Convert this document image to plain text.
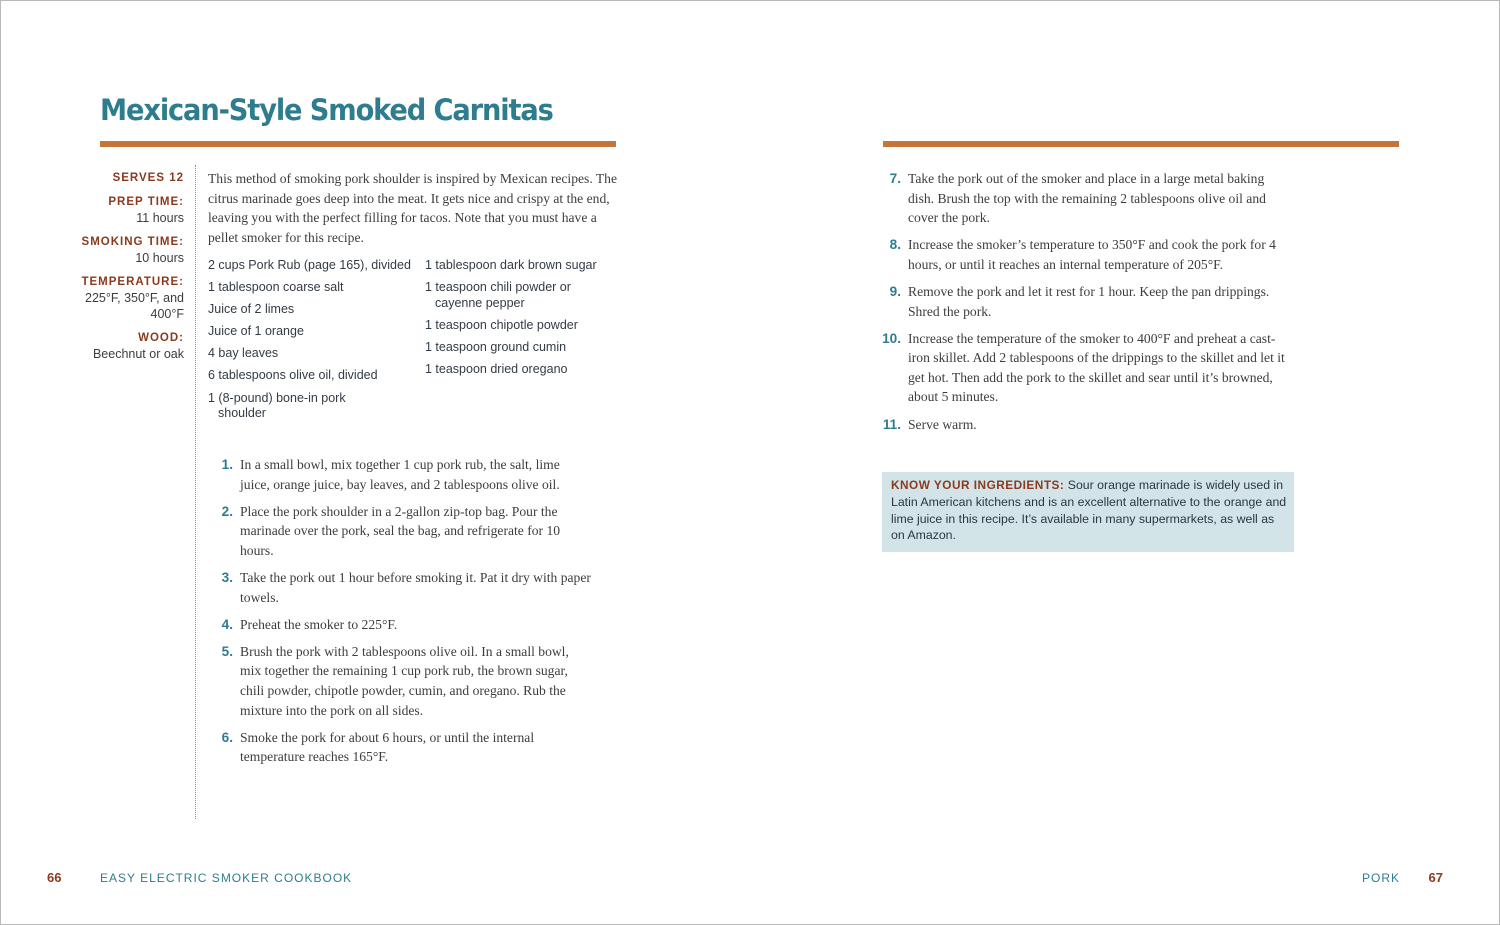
Mexican-Style Smoked Carnitas
SERVES 12
PREP TIME:
11 hours
SMOKING TIME:
10 hours
TEMPERATURE:
225°F, 350°F, and 400°F
WOOD:
Beechnut or oak

This method of smoking pork shoulder is inspired by Mexican recipes. The citrus marinade goes deep into the meat. It gets nice and crispy at the end, leaving you with the perfect filling for tacos. Note that you must have a pellet smoker for this recipe.

2 cups Pork Rub (page 165), divided
1 tablespoon coarse salt
Juice of 2 limes
Juice of 1 orange
4 bay leaves
6 tablespoons olive oil, divided
1 (8-pound) bone-in pork shoulder
1 tablespoon dark brown sugar
1 teaspoon chili powder or cayenne pepper
1 teaspoon chipotle powder
1 teaspoon ground cumin
1 teaspoon dried oregano
1. In a small bowl, mix together 1 cup pork rub, the salt, lime juice, orange juice, bay leaves, and 2 tablespoons olive oil.
2. Place the pork shoulder in a 2-gallon zip-top bag. Pour the marinade over the pork, seal the bag, and refrigerate for 10 hours.
3. Take the pork out 1 hour before smoking it. Pat it dry with paper towels.
4. Preheat the smoker to 225°F.
5. Brush the pork with 2 tablespoons olive oil. In a small bowl, mix together the remaining 1 cup pork rub, the brown sugar, chili powder, chipotle powder, cumin, and oregano. Rub the mixture into the pork on all sides.
6. Smoke the pork for about 6 hours, or until the internal temperature reaches 165°F.
7. Take the pork out of the smoker and place in a large metal baking dish. Brush the top with the remaining 2 tablespoons olive oil and cover the pork.
8. Increase the smoker’s temperature to 350°F and cook the pork for 4 hours, or until it reaches an internal temperature of 205°F.
9. Remove the pork and let it rest for 1 hour. Keep the pan drippings. Shred the pork.
10. Increase the temperature of the smoker to 400°F and preheat a cast-iron skillet. Add 2 tablespoons of the drippings to the skillet and let it get hot. Then add the pork to the skillet and sear until it’s browned, about 5 minutes.
11. Serve warm.
KNOW YOUR INGREDIENTS: Sour orange marinade is widely used in Latin American kitchens and is an excellent alternative to the orange and lime juice in this recipe. It’s available in many supermarkets, as well as on Amazon.
66	EASY ELECTRIC SMOKER COOKBOOK	PORK 67
